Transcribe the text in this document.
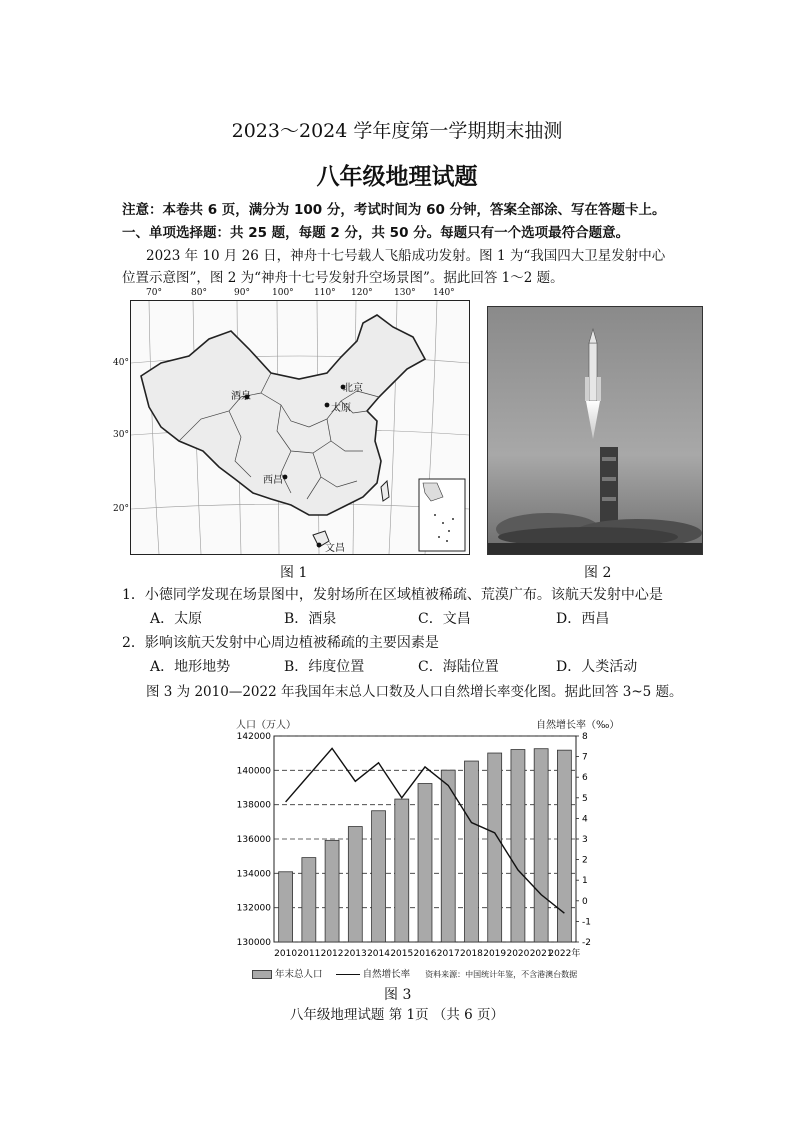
2023～2024 学年度第一学期期末抽测
八年级地理试题
注意：本卷共 6 页，满分为 100 分，考试时间为 60 分钟，答案全部涂、写在答题卡上。
一、单项选择题：共 25 题，每题 2 分，共 50 分。每题只有一个选项最符合题意。
2023 年 10 月 26 日，神舟十七号载人飞船成功发射。图 1 为“我国四大卫星发射中心
位置示意图”，图 2 为“神舟十七号发射升空场景图”。据此回答 1～2 题。
70°	80°	90° 100° 110° 120° 130° 140°
40°
30°
20°
酒泉
北京
太原
西昌
文昌
图 1	图 2
1．小德同学发现在场景图中，发射场所在区域植被稀疏、荒漠广布。该航天发射中心是
A．太原	B．酒泉	C．文昌	D．西昌
2．影响该航天发射中心周边植被稀疏的主要因素是
A．地形地势	B．纬度位置	C．海陆位置	D．人类活动
图 3 为 2010—2022 年我国年末总人口数及人口自然增长率变化图。据此回答 3~5 题。
人口（万人）	自然增长率（‰）
142000
140000
138000
136000
134000
132000
130000
8
7
6
5
4
3
2
1
0
-1
-2
2010 2011 2012 2013 2014 2015 2016 2017 2018 2019 2020 2021
2022年
年末总人口	自然增长率 资料来源：中国统计年鉴，不含港澳台数据
图 3
八年级地理试题 第 1页 （共 6 页）
